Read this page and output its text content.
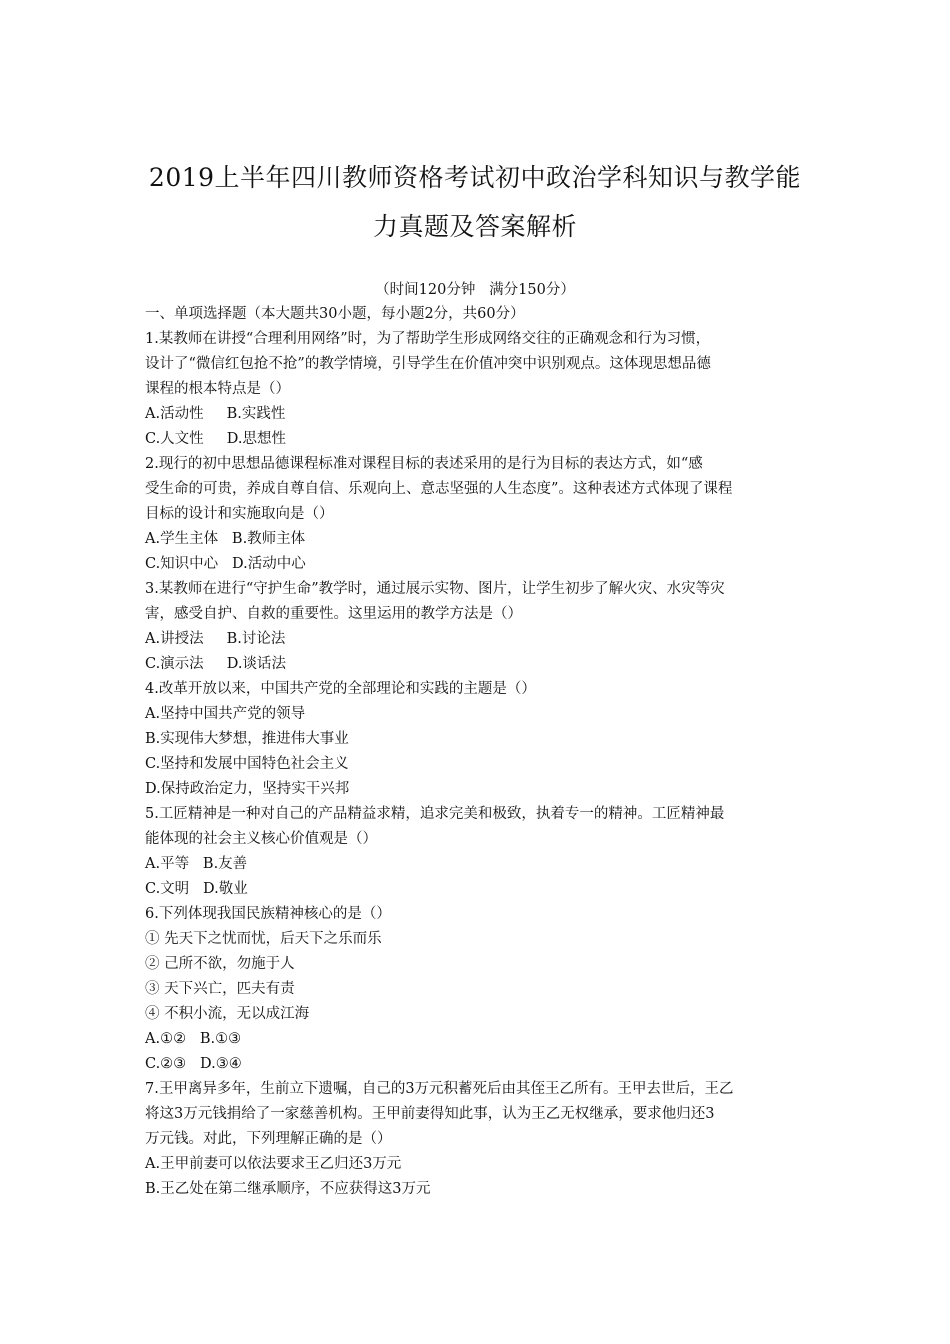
2019上半年四川教师资格考试初中政治学科知识与教学能
力真题及答案解析
（时间120分钟   满分150分）
一、单项选择题（本大题共30小题，每小题2分，共60分）
1.某教师在讲授“合理利用网络”时，为了帮助学生形成网络交往的正确观念和行为习惯，
设计了“微信红包抢不抢”的教学情境，引导学生在价值冲突中识别观点。这体现思想品德
课程的根本特点是（）
A.活动性     B.实践性
C.人文性     D.思想性
2.现行的初中思想品德课程标准对课程目标的表述采用的是行为目标的表达方式，如“感
受生命的可贵，养成自尊自信、乐观向上、意志坚强的人生态度”。这种表述方式体现了课程
目标的设计和实施取向是（）
A.学生主体   B.教师主体
C.知识中心   D.活动中心
3.某教师在进行“守护生命”教学时，通过展示实物、图片，让学生初步了解火灾、水灾等灾
害，感受自护、自救的重要性。这里运用的教学方法是（）
A.讲授法     B.讨论法
C.演示法     D.谈话法
4.改革开放以来，中国共产党的全部理论和实践的主题是（）
A.坚持中国共产党的领导
B.实现伟大梦想，推进伟大事业
C.坚持和发展中国特色社会主义
D.保持政治定力，坚持实干兴邦
5.工匠精神是一种对自己的产品精益求精，追求完美和极致，执着专一的精神。工匠精神最
能体现的社会主义核心价值观是（）
A.平等   B.友善
C.文明   D.敬业
6.下列体现我国民族精神核心的是（）
① 先天下之忧而忧，后天下之乐而乐
② 己所不欲，勿施于人
③ 天下兴亡，匹夫有责
④ 不积小流，无以成江海
A.①②   B.①③
C.②③   D.③④
7.王甲离异多年，生前立下遗嘱，自己的3万元积蓄死后由其侄王乙所有。王甲去世后，王乙
将这3万元钱捐给了一家慈善机构。王甲前妻得知此事，认为王乙无权继承，要求他归还3
万元钱。对此，下列理解正确的是（）
A.王甲前妻可以依法要求王乙归还3万元
B.王乙处在第二继承顺序，不应获得这3万元
